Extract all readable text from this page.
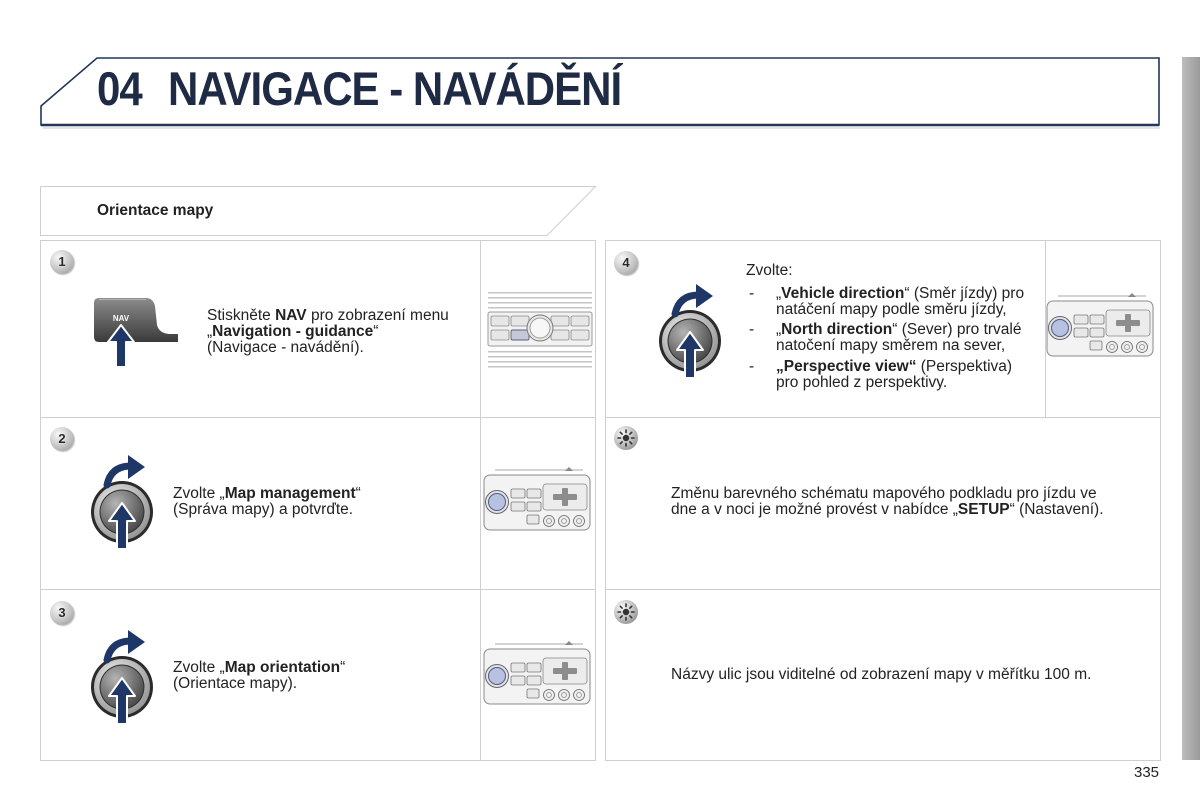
04 NAVIGACE - NAVÁDĚNÍ
Orientace mapy
1
2
3
4
NAV	Stiskněte NAV pro zobrazení menu
„Navigation - guidance“
(Navigace - navádění).
Zvolte „Map management“
(Správa mapy) a potvrďte.
Zvolte „Map orientation“
(Orientace mapy).
Zvolte:
- „Vehicle direction“ (Směr jízdy) pro
natáčení mapy podle směru jízdy,
- „North direction“ (Sever) pro trvalé
natočení mapy směrem na sever,
- „Perspective view“ (Perspektiva)
pro pohled z perspektivy.
Změnu barevného schématu mapového podkladu pro jízdu ve
dne a v noci je možné provést v nabídce „SETUP“ (Nastavení).
Názvy ulic jsou viditelné od zobrazení mapy v měřítku 100 m.
335
